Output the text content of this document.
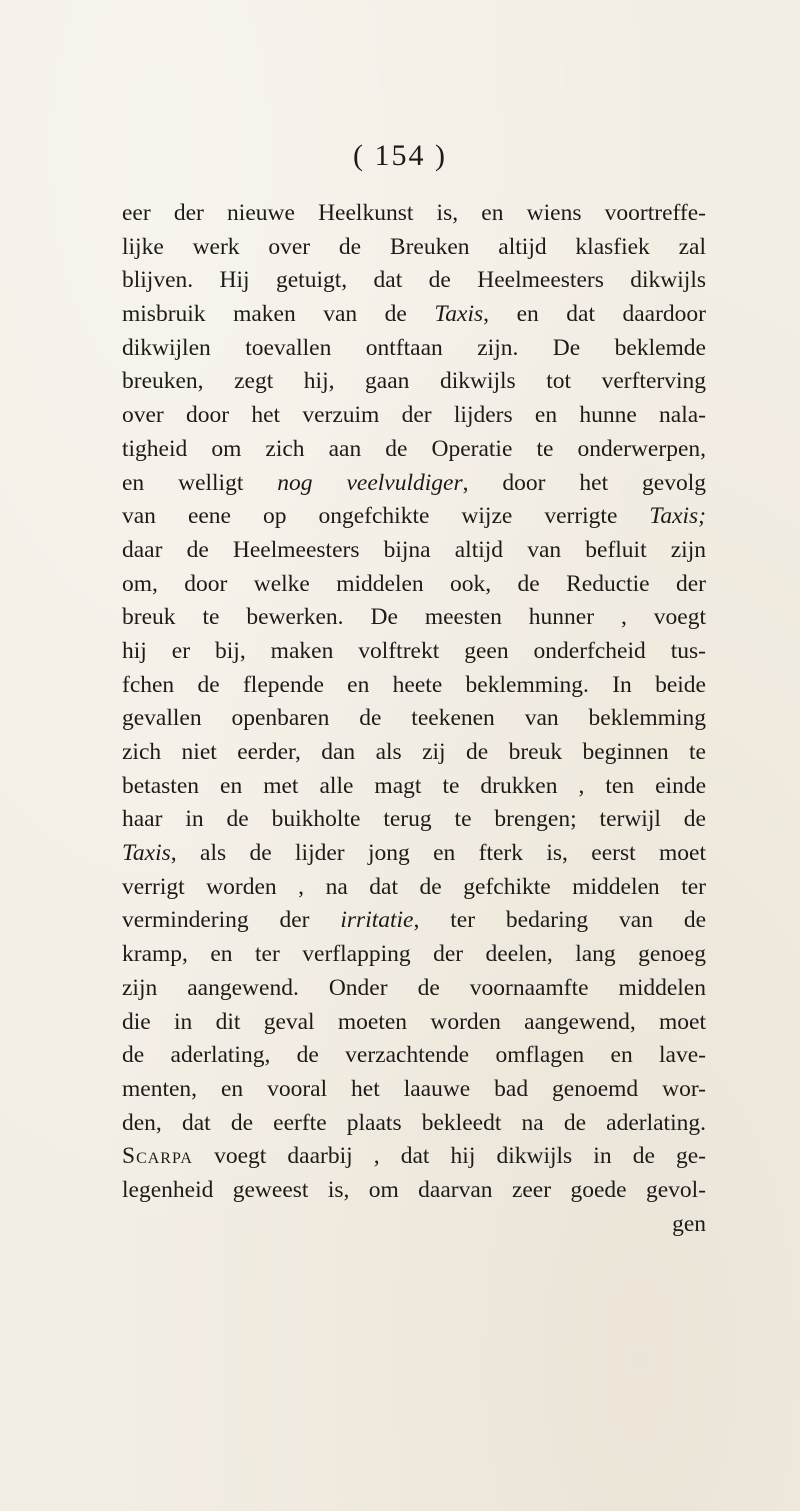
( 154 )
eer der nieuwe Heelkunst is, en wiens voortreffe-
lijke werk over de Breuken altijd klasfiek zal
blijven. Hij getuigt, dat de Heelmeesters dikwijls
misbruik maken van de Taxis, en dat daardoor
dikwijlen toevallen ontftaan zijn. De beklemde
breuken, zegt hij, gaan dikwijls tot verfterving
over door het verzuim der lijders en hunne nala-
tigheid om zich aan de Operatie te onderwerpen,
en welligt nog veelvuldiger, door het gevolg
van eene op ongefchikte wijze verrigte Taxis;
daar de Heelmeesters bijna altijd van befluit zijn
om, door welke middelen ook, de Reductie der
breuk te bewerken. De meesten hunner , voegt
hij er bij, maken volftrekt geen onderfcheid tus-
fchen de flepende en heete beklemming. In beide
gevallen openbaren de teekenen van beklemming
zich niet eerder, dan als zij de breuk beginnen te
betasten en met alle magt te drukken , ten einde
haar in de buikholte terug te brengen; terwijl de
Taxis, als de lijder jong en fterk is, eerst moet
verrigt worden , na dat de gefchikte middelen ter
vermindering der irritatie, ter bedaring van de
kramp, en ter verflapping der deelen, lang genoeg
zijn aangewend. Onder de voornaamfte middelen
die in dit geval moeten worden aangewend, moet
de aderlating, de verzachtende omflagen en lave-
menten, en vooral het laauwe bad genoemd wor-
den, dat de eerfte plaats bekleedt na de aderlating.
Scarpa voegt daarbij , dat hij dikwijls in de ge-
legenheid geweest is, om daarvan zeer goede gevol-
gen
